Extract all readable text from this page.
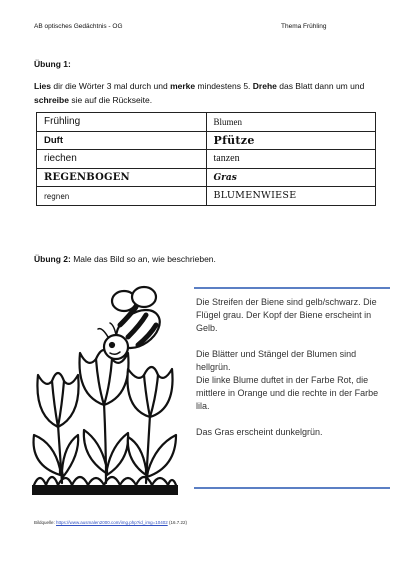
AB optisches Gedächtnis - OG	Thema Frühling
Übung 1:
Lies dir die Wörter 3 mal durch und merke mindestens 5. Drehe das Blatt dann um und schreibe sie auf die Rückseite.
Frühling	Blumen
Duft	Pfütze
riechen	tanzen
REGENBOGEN	Gras
regnen	BLUMENWIESE
Übung 2: Male das Bild so an, wie beschrieben.

Die Streifen der Biene sind gelb/schwarz. Die Flügel grau. Der Kopf der Biene erscheint in Gelb.

Die Blätter und Stängel der Blumen sind hellgrün.

Die linke Blume duftet in der Farbe Rot, die mittlere in Orange und die rechte in der Farbe lila.

Das Gras erscheint dunkelgrün.

Bildquelle: https://www.ausmalen2000.com/img.php?id_img=10402 (16.7.22)
